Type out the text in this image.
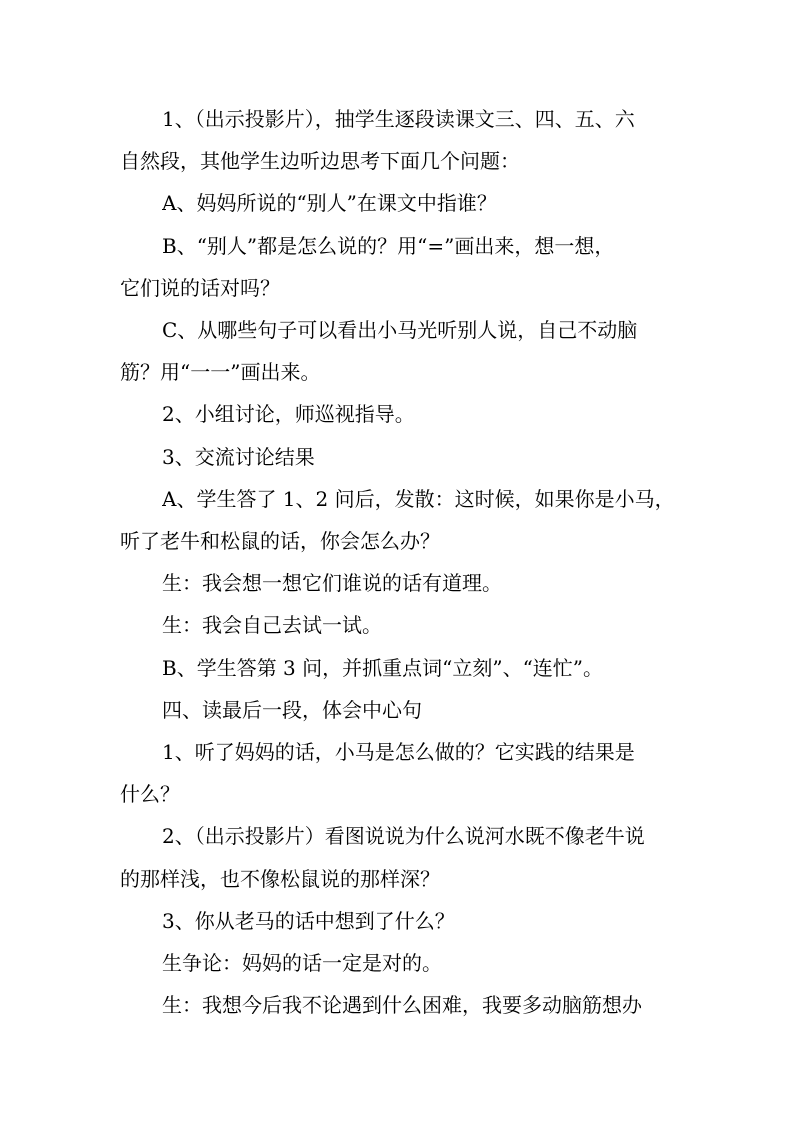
1、（出示投影片），抽学生逐段读课文三、四、五、六
自然段，其他学生边听边思考下面几个问题：
A、妈妈所说的“别人”在课文中指谁？
B、“别人”都是怎么说的？用“=”画出来，想一想，
它们说的话对吗？
C、从哪些句子可以看出小马光听别人说，自己不动脑
筋？用“一一”画出来。
2、小组讨论，师巡视指导。
3、交流讨论结果
A、学生答了 1、2 问后，发散：这时候，如果你是小马，
听了老牛和松鼠的话，你会怎么办？
生：我会想一想它们谁说的话有道理。
生：我会自己去试一试。
B、学生答第 3 问，并抓重点词“立刻”、“连忙”。
四、读最后一段，体会中心句
1、听了妈妈的话，小马是怎么做的？它实践的结果是
什么？
2、（出示投影片）看图说说为什么说河水既不像老牛说
的那样浅，也不像松鼠说的那样深？
3、你从老马的话中想到了什么？
生争论：妈妈的话一定是对的。
生：我想今后我不论遇到什么困难，我要多动脑筋想办
